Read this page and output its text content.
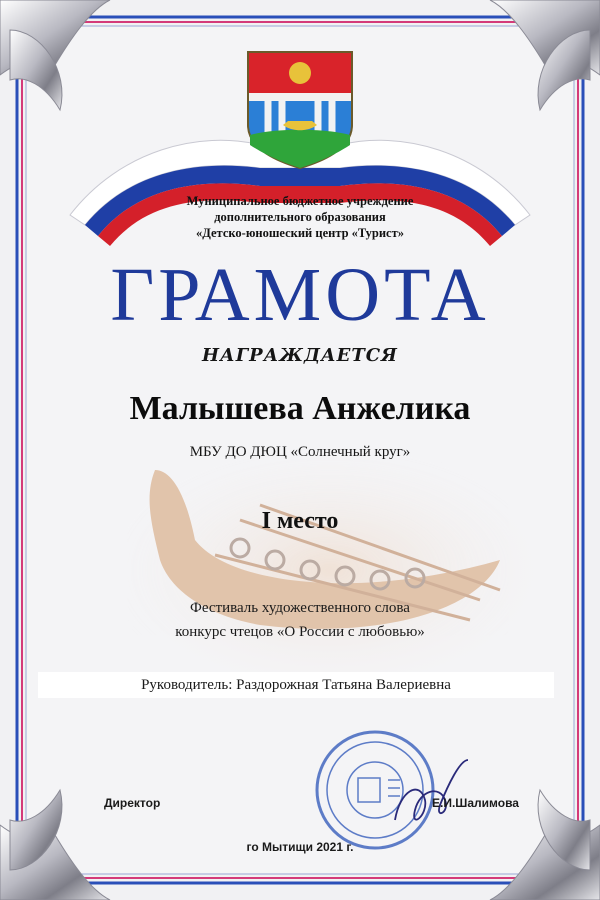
Муниципальное бюджетное учреждение
дополнительного образования
«Детско-юношеский центр «Турист»
ГРАМОТА
НАГРАЖДАЕТСЯ
Малышева Анжелика
МБУ ДО ДЮЦ «Солнечный круг»
I место
Фестиваль художественного слова
конкурс чтецов «О России с любовью»
Руководитель: Раздорожная Татьяна Валериевна
Директор	Е.И.Шалимова
го Мытищи 2021 г.
